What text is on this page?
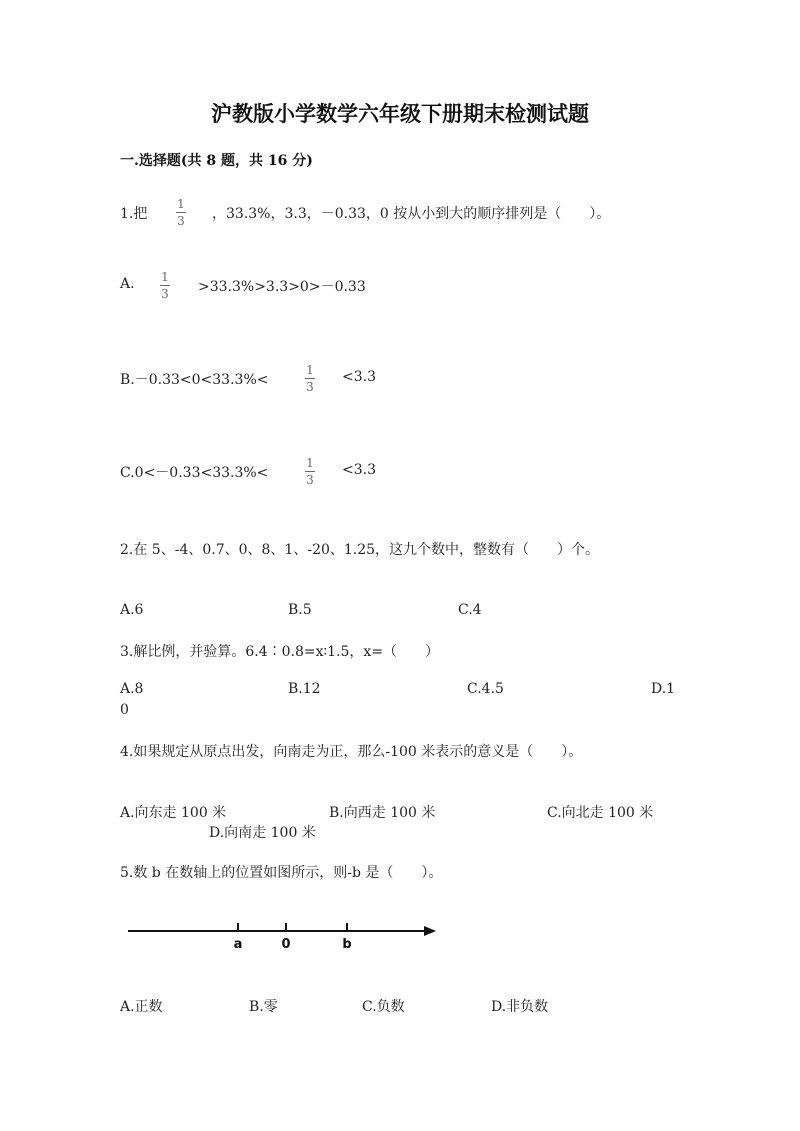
沪教版小学数学六年级下册期末检测试题
一.选择题(共 8 题，共 16 分)
1.把
1
3 ，33.3%，3.3，－0.33，0 按从小到大的顺序排列是（　　）。
A. 1
3 >33.3%>3.3>0>－0.33
B.－0.33<0<33.3%<
1
3
<3.3
C.0<－0.33<33.3%<
1
3
<3.3
2.在 5、-4、0.7、0、8、1、-20、1.25，这九个数中，整数有（　　）个。
A.6	B.5	C.4
3.解比例，并验算。6.4∶0.8=x∶1.5，x=（　　）
A.8	B.12	C.4.5	D.1
0
4.如果规定从原点出发，向南走为正，那么-100 米表示的意义是（　　）。
A.向东走 100 米	B.向西走 100 米	C.向北走 100 米
D.向南走 100 米
5.数 b 在数轴上的位置如图所示，则-b 是（　　）。
a	0	b
A.正数	B.零	C.负数	D.非负数
